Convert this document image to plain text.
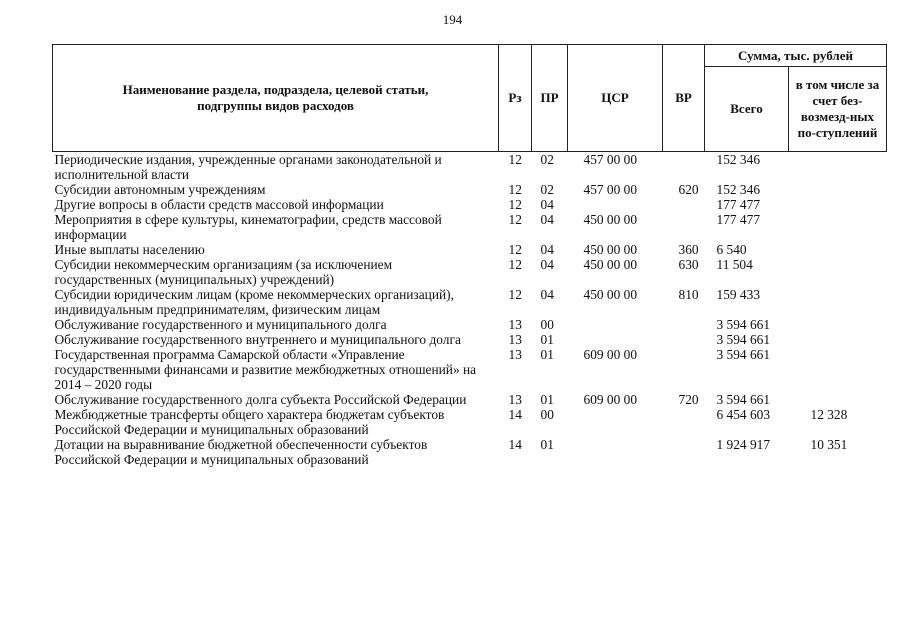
194
Наименование раздела, подраздела, целевой статьи, подгруппы видов расходов	Рз	ПР	ЦСР	ВР	Сумма, тыс. рублей	
					Всего	в том числе за счет без-возмезд-ных по-ступлений
Периодические издания, учрежденные органами законодательной и исполнительной власти	12	02	457 00 00		152 346	
Субсидии автономным учреждениям	12	02	457 00 00	620	152 346	
Другие вопросы в области средств массовой информации	12	04			177 477	
Мероприятия в сфере культуры, кинематографии, средств массовой информации	12	04	450 00 00		177 477	
Иные выплаты населению	12	04	450 00 00	360	6 540	
Субсидии некоммерческим организациям (за исключением государственных (муниципальных) учреждений)	12	04	450 00 00	630	11 504	
Субсидии юридическим лицам (кроме некоммерческих организаций), индивидуальным предпринимателям, физическим лицам	12	04	450 00 00	810	159 433	
Обслуживание государственного и муниципального долга	13	00			3 594 661	
Обслуживание государственного внутреннего и муниципального долга	13	01			3 594 661	
Государственная программа Самарской области «Управление государственными финансами и развитие межбюджетных отношений» на 2014 – 2020 годы	13	01	609 00 00		3 594 661	
Обслуживание государственного долга субъекта Российской Федерации	13	01	609 00 00	720	3 594 661	
Межбюджетные трансферты общего характера бюджетам субъектов Российской Федерации и муниципальных образований	14	00			6 454 603	12 328
Дотации на выравнивание бюджетной обеспеченности субъектов Российской Федерации и муниципальных образований	14	01			1 924 917	10 351
